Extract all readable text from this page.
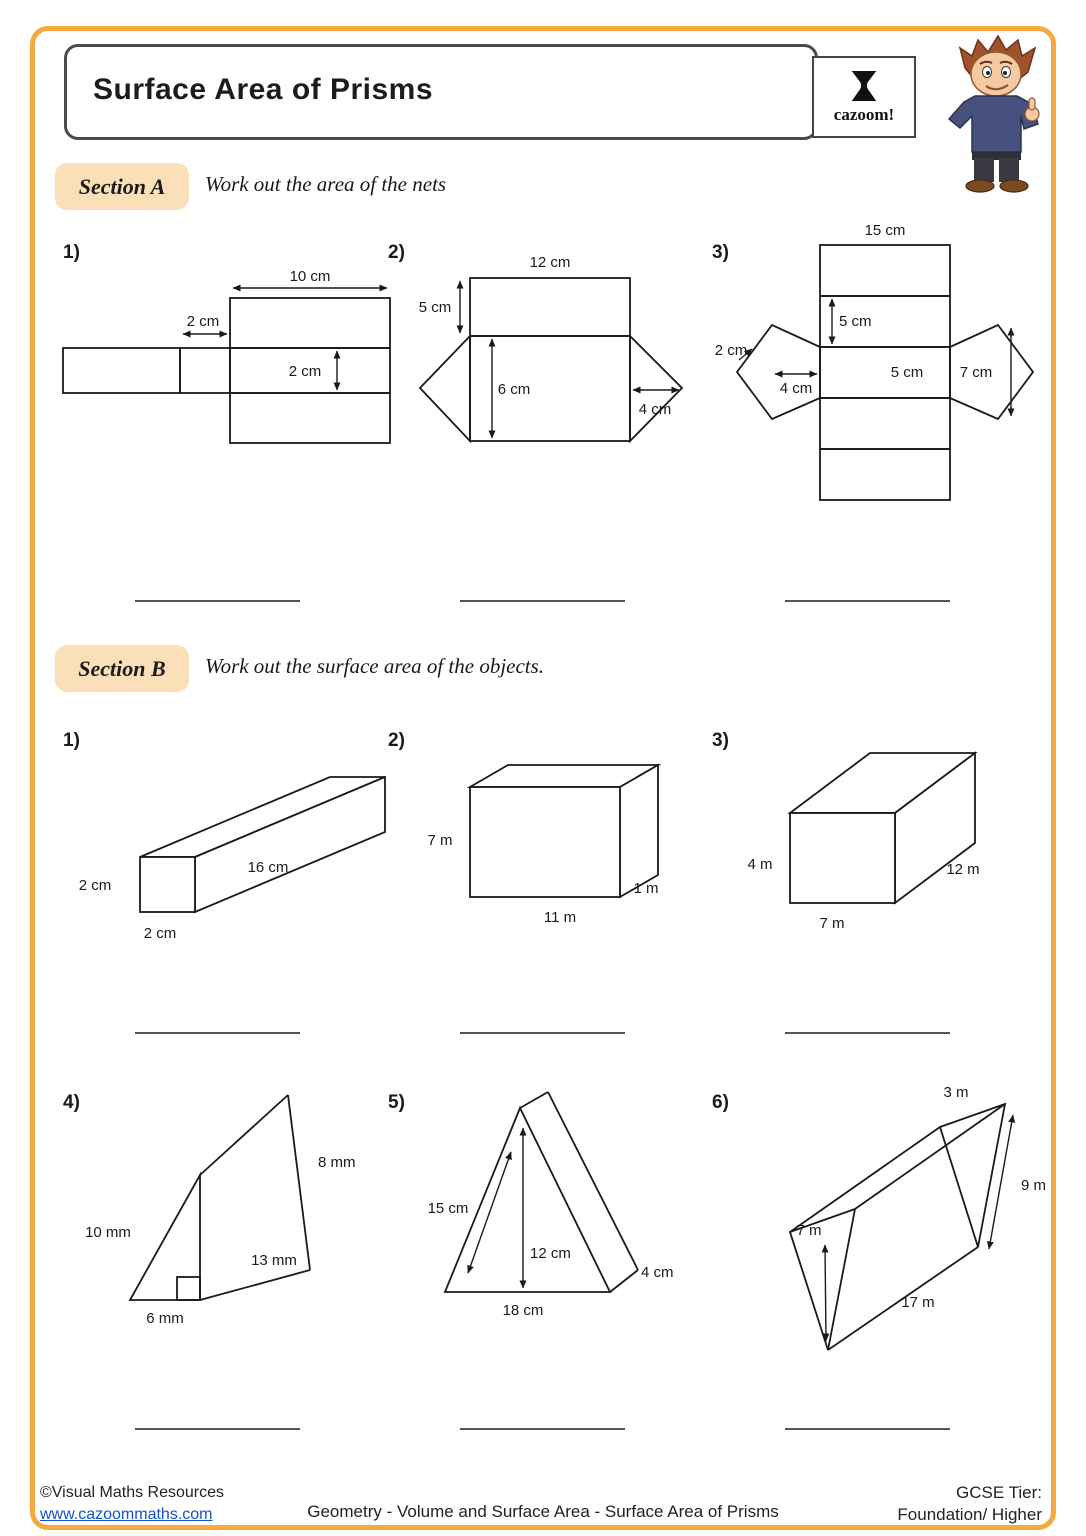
Surface Area of Prisms
cazoom!
Section A	Work out the area of the nets
1)	2)	3)
10 cm
2 cm
2 cm
12 cm
5 cm
6 cm
4 cm
15 cm
5 cm
2 cm
4 cm
5 cm 7 cm
Section B	Work out the surface area of the objects.
1)	2)	3)
2 cm
16 cm
2 cm
7 m
11 m
1 m
4 m
7 m
12 m
4)	5)	6)
10 mm
8 mm
13 mm
6 mm
15 cm
12 cm
4 cm
18 cm
3 m
9 m
7 m
17 m
©Visual Maths Resources
www.cazoommaths.com	Geometry - Volume and Surface Area - Surface Area of Prisms
GCSE Tier:
Foundation/ Higher
